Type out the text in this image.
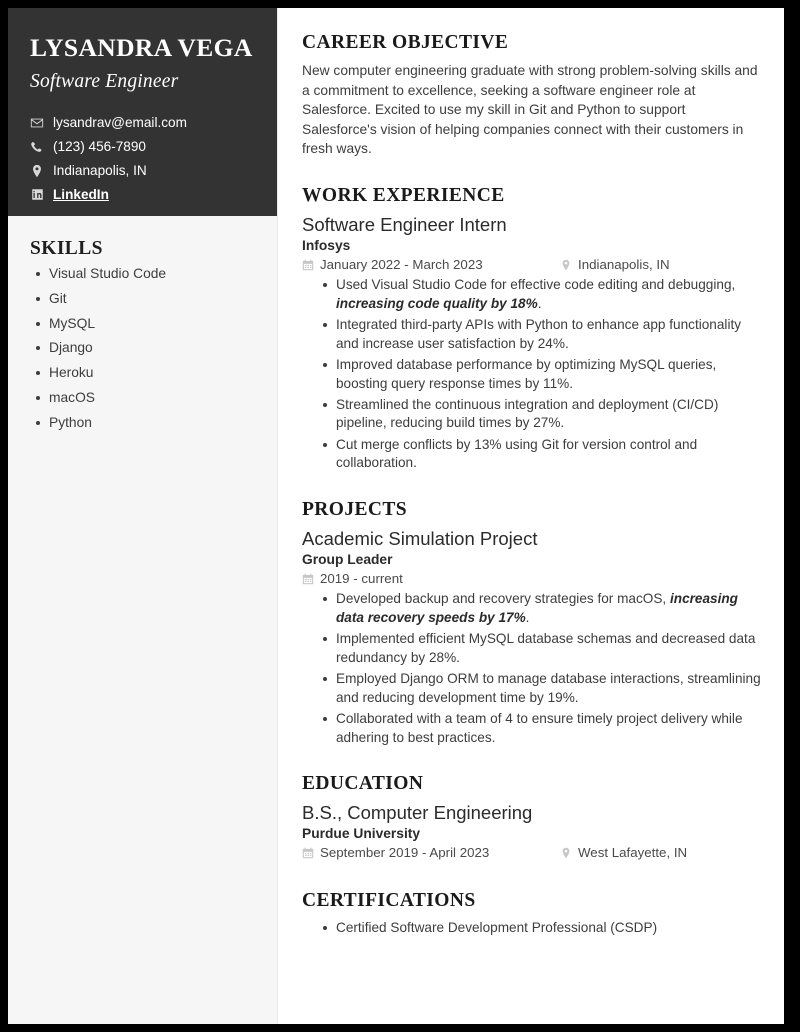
LYSANDRA VEGA
Software Engineer
lysandrav@email.com
(123) 456-7890
Indianapolis, IN
LinkedIn
SKILLS
Visual Studio Code
Git
MySQL
Django
Heroku
macOS
Python
CAREER OBJECTIVE

New computer engineering graduate with strong problem-solving skills and a commitment to excellence, seeking a software engineer role at Salesforce. Excited to use my skill in Git and Python to support Salesforce's vision of helping companies connect with their customers in fresh ways.

WORK EXPERIENCE
Software Engineer Intern
Infosys
January 2022 - March 2023	Indianapolis, IN
Used Visual Studio Code for effective code editing and debugging, increasing code quality by 18%.
Integrated third-party APIs with Python to enhance app functionality and increase user satisfaction by 24%.
Improved database performance by optimizing MySQL queries, boosting query response times by 11%.
Streamlined the continuous integration and deployment (CI/CD) pipeline, reducing build times by 27%.
Cut merge conflicts by 13% using Git for version control and collaboration.
PROJECTS
Academic Simulation Project
Group Leader
2019 - current
Developed backup and recovery strategies for macOS, increasing data recovery speeds by 17%.
Implemented efficient MySQL database schemas and decreased data redundancy by 28%.
Employed Django ORM to manage database interactions, streamlining and reducing development time by 19%.
Collaborated with a team of 4 to ensure timely project delivery while adhering to best practices.
EDUCATION
B.S., Computer Engineering
Purdue University
September 2019 - April 2023	West Lafayette, IN
CERTIFICATIONS
Certified Software Development Professional (CSDP)
